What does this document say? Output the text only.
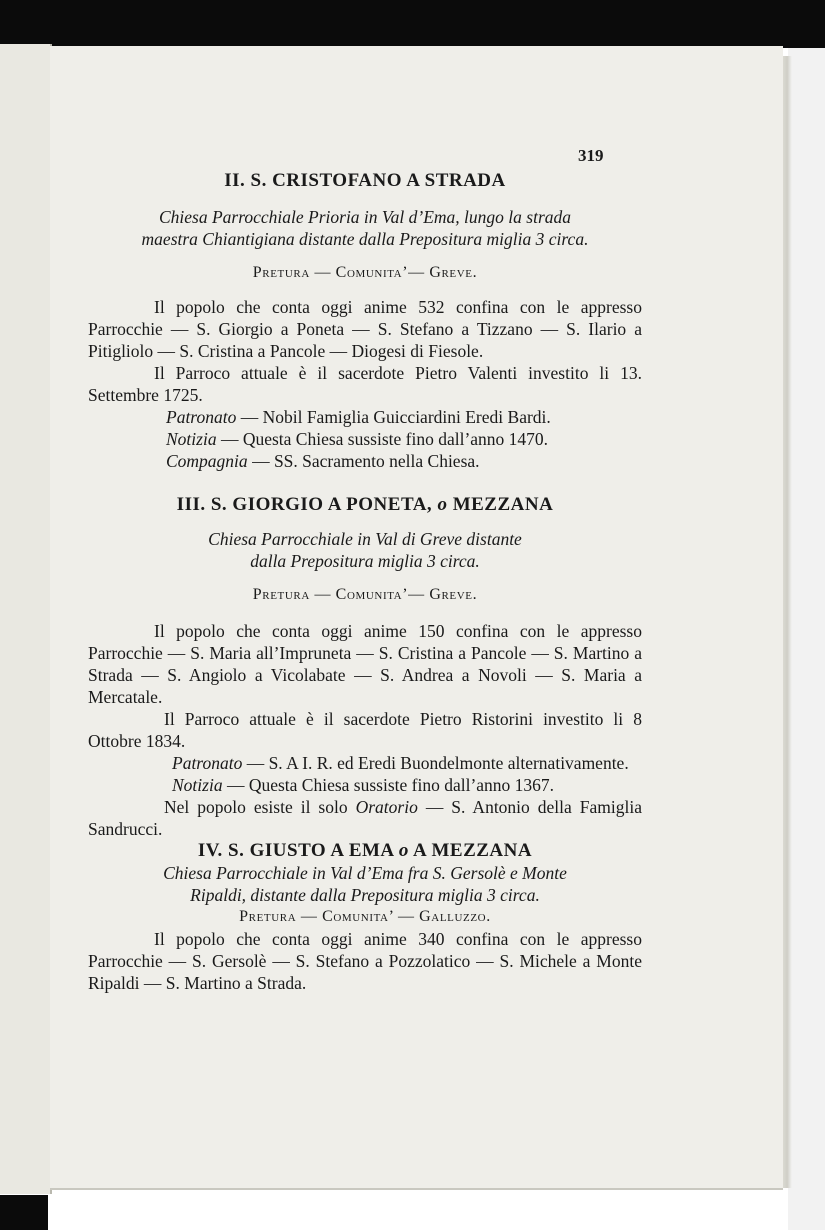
319
II. S. CRISTOFANO A STRADA

Chiesa Parrocchiale Prioria in Val d’Ema, lungo la strada

maestra Chiantigiana distante dalla Prepositura miglia 3 circa.

Pretura — Comunita’— Greve.

Il popolo che conta oggi anime 532 confina con le appresso Parrocchie — S. Giorgio a Poneta — S. Stefano a Tizzano — S. Ilario a Pitigliolo — S. Cristina a Pancole — Diogesi di Fiesole.

Il Parroco attuale è il sacerdote Pietro Valenti investito li 13. Settembre 1725.

Patronato — Nobil Famiglia Guicciardini Eredi Bardi.

Notizia — Questa Chiesa sussiste fino dall’anno 1470.

Compagnia — SS. Sacramento nella Chiesa.

III. S. GIORGIO A PONETA, o MEZZANA

Chiesa Parrocchiale in Val di Greve distante

dalla Prepositura miglia 3 circa.

Pretura — Comunita’— Greve.

Il popolo che conta oggi anime 150 confina con le appresso Parrocchie — S. Maria all’Impruneta — S. Cristina a Pancole — S. Martino a Strada — S. Angiolo a Vicolabate — S. Andrea a Novoli — S. Maria a Mercatale.

Il Parroco attuale è il sacerdote Pietro Ristorini investito li 8 Ottobre 1834.

Patronato — S. A I. R. ed Eredi Buondelmonte alternativamente.

Notizia — Questa Chiesa sussiste fino dall’anno 1367.

Nel popolo esiste il solo Oratorio — S. Antonio della Famiglia Sandrucci.

IV. S. GIUSTO A EMA o A MEZZANA

Chiesa Parrocchiale in Val d’Ema fra S. Gersolè e Monte

Ripaldi, distante dalla Prepositura miglia 3 circa.

Pretura — Comunita’ — Galluzzo.

Il popolo che conta oggi anime 340 confina con le appresso Parrocchie — S. Gersolè — S. Stefano a Pozzolatico — S. Michele a Monte Ripaldi — S. Martino a Strada.
